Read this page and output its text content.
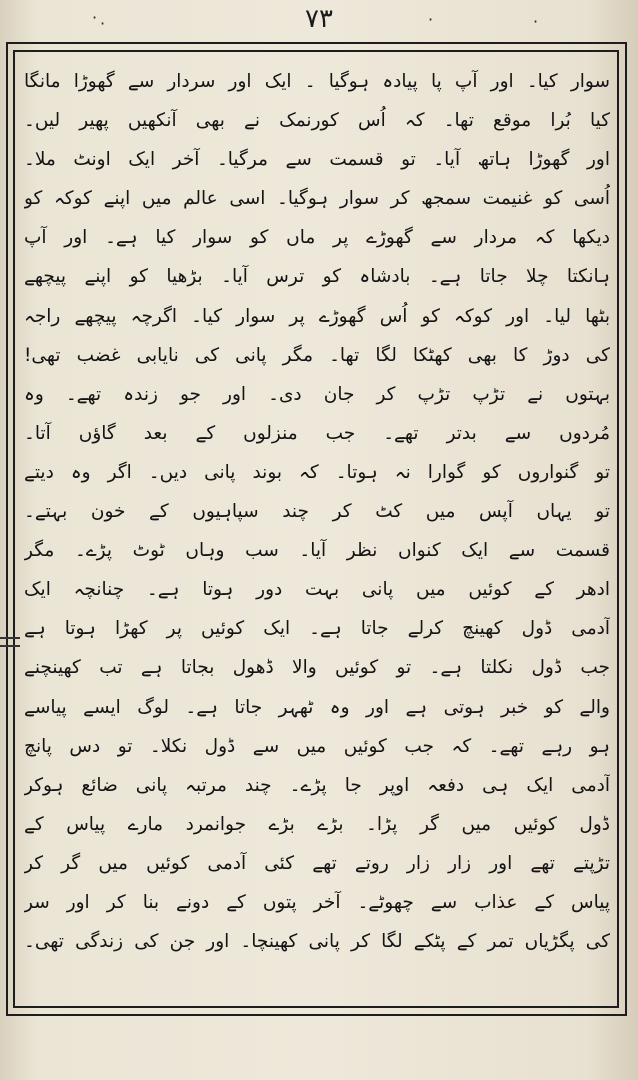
۷۳
· ·	·	·
سوار کیا۔ اور آپ پا پیادہ ہوگیا ۔ ایک اور سردار سے گھوڑا مانگا
کیا بُرا موقع تھا۔ کہ اُس کورنمک نے بھی آنکھیں پھیر لیں۔
اور گھوڑا ہاتھ آیا۔ تو قسمت سے مرگیا۔ آخر ایک اونٹ ملا۔
اُسی کو غنیمت سمجھ کر سوار ہوگیا۔ اسی عالم میں اپنے کوکہ کو
دیکھا کہ مردار سے گھوڑے پر ماں کو سوار کیا ہے۔ اور آپ
ہانکتا چلا جاتا ہے۔ بادشاہ کو ترس آیا۔ بڑھیا کو اپنے پیچھے
بٹھا لیا۔ اور کوکہ کو اُس گھوڑے پر سوار کیا۔ اگرچہ پیچھے راجہ
کی دوڑ کا بھی کھٹکا لگا تھا۔ مگر پانی کی نایابی غضب تھی!
بہتوں نے تڑپ تڑپ کر جان دی۔ اور جو زندہ تھے۔ وہ
مُردوں سے بدتر تھے۔ جب منزلوں کے بعد گاؤں آتا۔
تو گنواروں کو گوارا نہ ہوتا۔ کہ بوند پانی دیں۔ اگر وہ دیتے
تو یہاں آپس میں کٹ کر چند سپاہیوں کے خون بہتے۔
قسمت سے ایک کنواں نظر آیا۔ سب وہاں ٹوٹ پڑے۔ مگر
ادھر کے کوئیں میں پانی بہت دور ہوتا ہے۔ چنانچہ ایک
آدمی ڈول کھینچ کرلے جاتا ہے۔ ایک کوئیں پر کھڑا ہوتا ہے
جب ڈول نکلتا ہے۔ تو کوئیں والا ڈھول بجاتا ہے تب کھینچنے
والے کو خبر ہوتی ہے اور وہ ٹھہر جاتا ہے۔ لوگ ایسے پیاسے
ہو رہے تھے۔ کہ جب کوئیں میں سے ڈول نکلا۔ تو دس پانچ
آدمی ایک ہی دفعہ اوپر جا پڑے۔ چند مرتبہ پانی ضائع ہوکر
ڈول کوئیں میں گر پڑا۔ بڑے بڑے جوانمرد مارے پیاس کے
تڑپتے تھے اور زار زار روتے تھے کئی آدمی کوئیں میں گر کر
پیاس کے عذاب سے چھوٹے۔ آخر پتوں کے دونے بنا کر اور سر
کی پگڑیاں تمر کے پٹکے لگا کر پانی کھینچا۔ اور جن کی زندگی تھی۔
